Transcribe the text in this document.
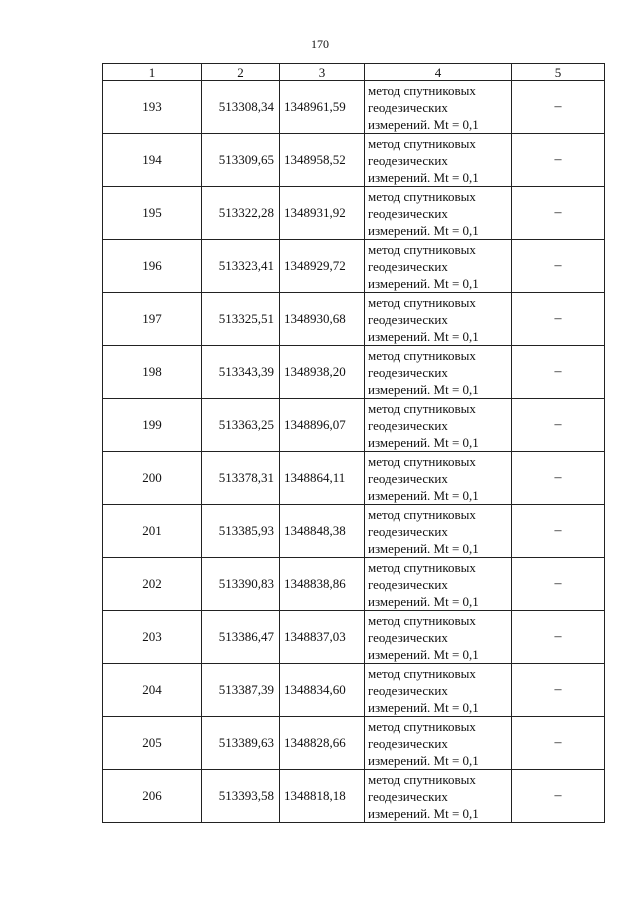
170
1	2	3	4	5
193	513308,34	1348961,59	метод спутниковых
геодезических
измерений. Mt = 0,1	–
194	513309,65	1348958,52	метод спутниковых
геодезических
измерений. Mt = 0,1	–
195	513322,28	1348931,92	метод спутниковых
геодезических
измерений. Mt = 0,1	–
196	513323,41	1348929,72	метод спутниковых
геодезических
измерений. Mt = 0,1	–
197	513325,51	1348930,68	метод спутниковых
геодезических
измерений. Mt = 0,1	–
198	513343,39	1348938,20	метод спутниковых
геодезических
измерений. Mt = 0,1	–
199	513363,25	1348896,07	метод спутниковых
геодезических
измерений. Mt = 0,1	–
200	513378,31	1348864,11	метод спутниковых
геодезических
измерений. Mt = 0,1	–
201	513385,93	1348848,38	метод спутниковых
геодезических
измерений. Mt = 0,1	–
202	513390,83	1348838,86	метод спутниковых
геодезических
измерений. Mt = 0,1	–
203	513386,47	1348837,03	метод спутниковых
геодезических
измерений. Mt = 0,1	–
204	513387,39	1348834,60	метод спутниковых
геодезических
измерений. Mt = 0,1	–
205	513389,63	1348828,66	метод спутниковых
геодезических
измерений. Mt = 0,1	–
206	513393,58	1348818,18	метод спутниковых
геодезических
измерений. Mt = 0,1	–
